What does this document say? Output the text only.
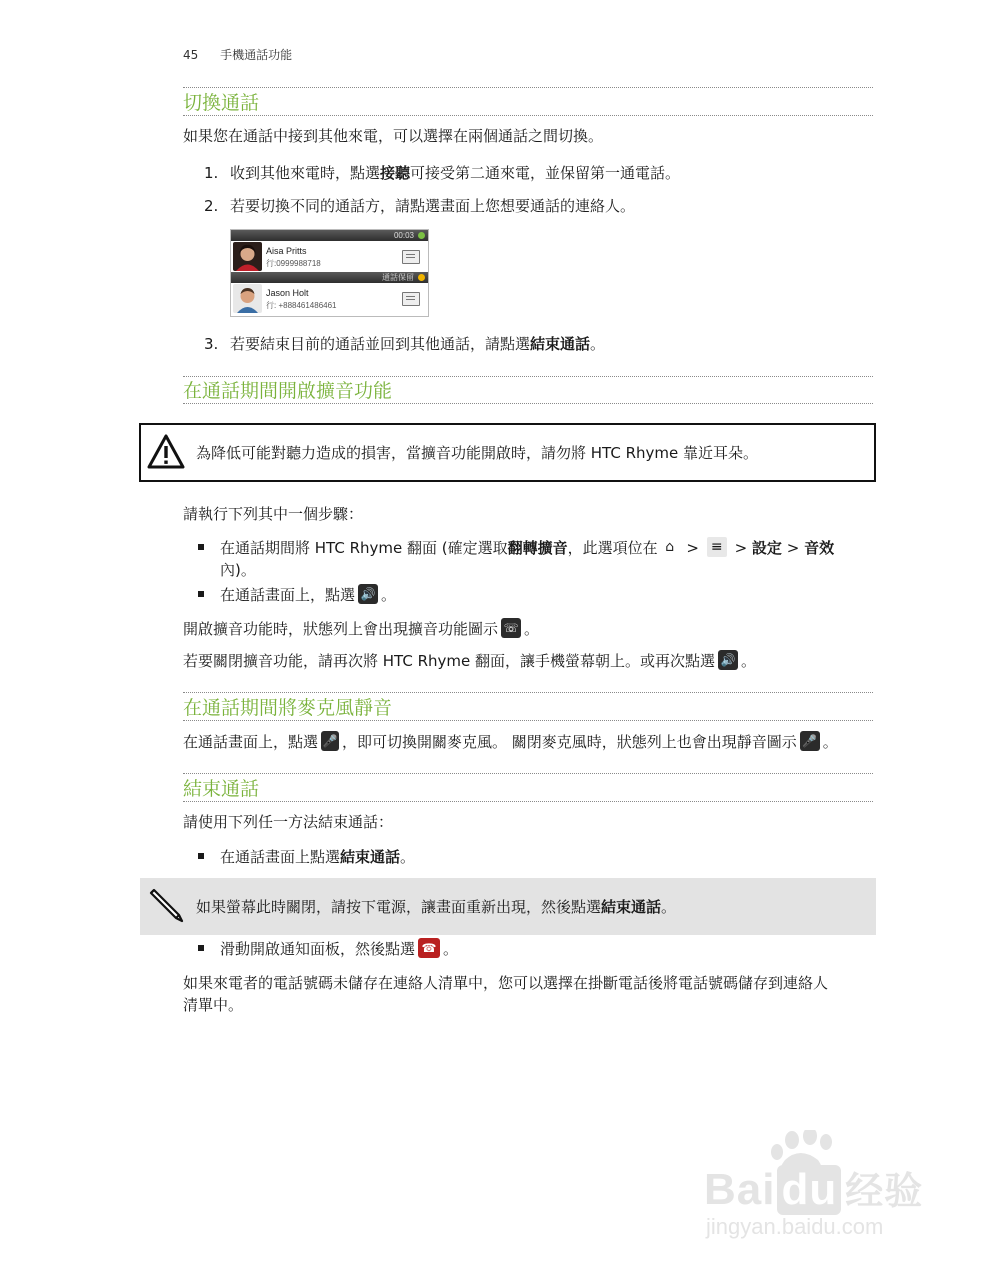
45 手機通話功能
切換通話
如果您在通話中接到其他來電，可以選擇在兩個通話之間切換。
1. 收到其他來電時，點選接聽可接受第二通來電，並保留第一通電話。
2. 若要切換不同的通話方，請點選畫面上您想要通話的連絡人。
00:03
Aisa Pritts
行:0999988718
通話保留
Jason Holt
行: +888461486461
3. 若要結束目前的通話並回到其他通話，請點選結束通話。
在通話期間開啟擴音功能
為降低可能對聽力造成的損害，當擴音功能開啟時，請勿將 HTC Rhyme 靠近耳朵。
請執行下列其中一個步驟：
在通話期間將 HTC Rhyme 翻面 (確定選取翻轉擴音，此選項位在 ⌂ > ≡ > 設定 > 音效
內)。
在通話畫面上，點選 🔊 。
開啟擴音功能時，狀態列上會出現擴音功能圖示 ☏ 。
若要關閉擴音功能，請再次將 HTC Rhyme 翻面，讓手機螢幕朝上。或再次點選 🔊 。
在通話期間將麥克風靜音
在通話畫面上，點選 🎤 ，即可切換開關麥克風。 關閉麥克風時，狀態列上也會出現靜音圖示 🎤 。
結束通話
請使用下列任一方法結束通話：
在通話畫面上點選結束通話。
如果螢幕此時關閉，請按下電源，讓畫面重新出現，然後點選結束通話。
滑動開啟通知面板，然後點選 ☎ 。
如果來電者的電話號碼未儲存在連絡人清單中，您可以選擇在掛斷電話後將電話號碼儲存到連絡人
清單中。
Bai du 经验
jingyan.baidu.com
